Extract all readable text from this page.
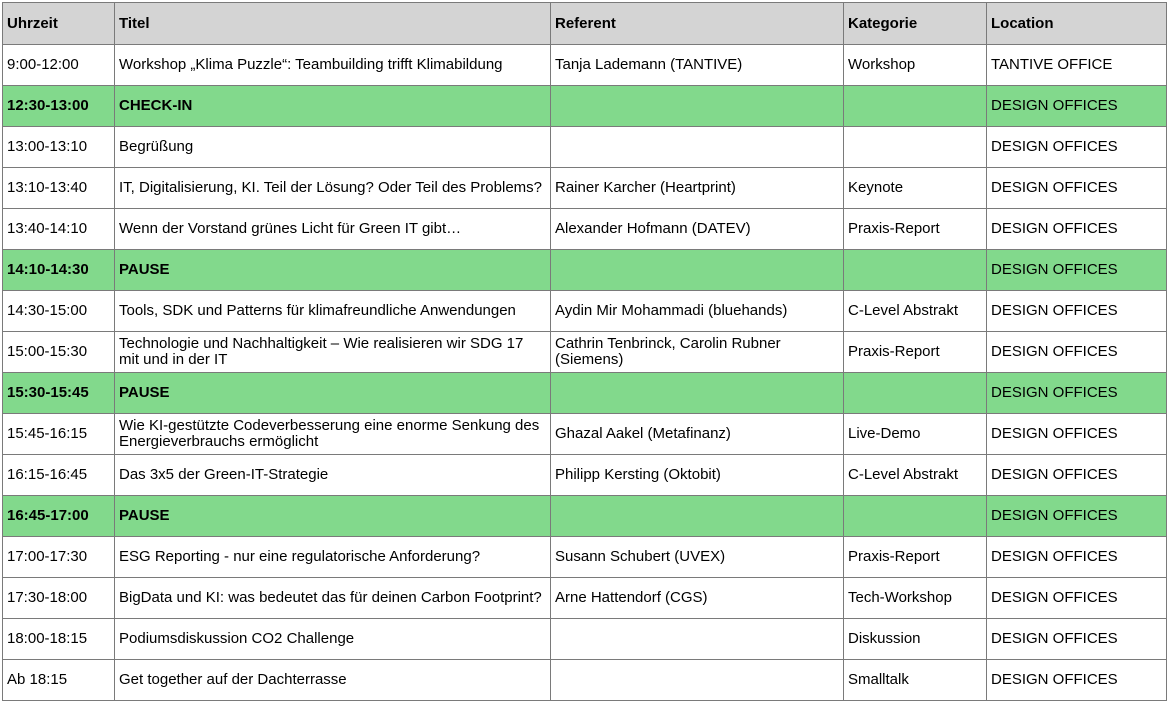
Uhrzeit	Titel	Referent	Kategorie	Location
9:00-12:00	Workshop „Klima Puzzle“: Teambuilding trifft Klimabildung	Tanja Lademann (TANTIVE)	Workshop	TANTIVE OFFICE
12:30-13:00	CHECK-IN			DESIGN OFFICES
13:00-13:10	Begrüßung			DESIGN OFFICES
13:10-13:40	IT, Digitalisierung, KI. Teil der Lösung? Oder Teil des Problems?	Rainer Karcher (Heartprint)	Keynote	DESIGN OFFICES
13:40-14:10	Wenn der Vorstand grünes Licht für Green IT gibt…	Alexander Hofmann (DATEV)	Praxis-Report	DESIGN OFFICES
14:10-14:30	PAUSE			DESIGN OFFICES
14:30-15:00	Tools, SDK und Patterns für klimafreundliche Anwendungen	Aydin Mir Mohammadi (bluehands)	C-Level Abstrakt	DESIGN OFFICES
15:00-15:30	Technologie und Nachhaltigkeit – Wie realisieren wir SDG 17 mit und in der IT	Cathrin Tenbrinck, Carolin Rubner (Siemens)	Praxis-Report	DESIGN OFFICES
15:30-15:45	PAUSE			DESIGN OFFICES
15:45-16:15	Wie KI-gestützte Codeverbesserung eine enorme Senkung des Energieverbrauchs ermöglicht	Ghazal Aakel (Metafinanz)	Live-Demo	DESIGN OFFICES
16:15-16:45	Das 3x5 der Green-IT-Strategie	Philipp Kersting (Oktobit)	C-Level Abstrakt	DESIGN OFFICES
16:45-17:00	PAUSE			DESIGN OFFICES
17:00-17:30	ESG Reporting - nur eine regulatorische Anforderung?	Susann Schubert (UVEX)	Praxis-Report	DESIGN OFFICES
17:30-18:00	BigData und KI: was bedeutet das für deinen Carbon Footprint?	Arne Hattendorf (CGS)	Tech-Workshop	DESIGN OFFICES
18:00-18:15	Podiumsdiskussion CO2 Challenge		Diskussion	DESIGN OFFICES
Ab 18:15	Get together auf der Dachterrasse		Smalltalk	DESIGN OFFICES
